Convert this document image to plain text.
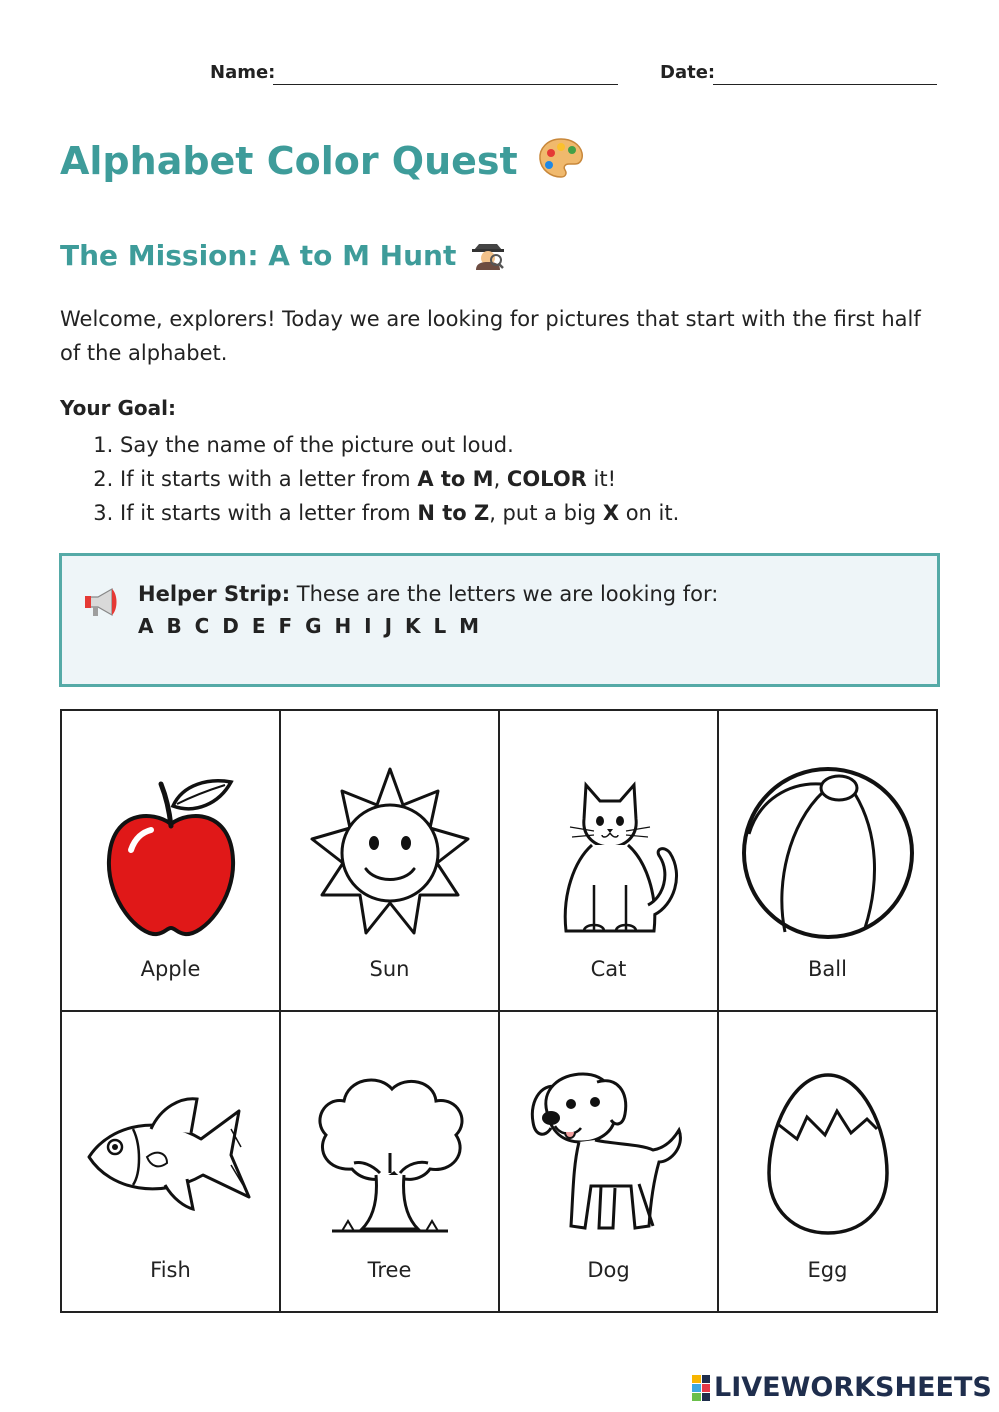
Name:	Date:
Alphabet Color Quest
The Mission: A to M Hunt
Welcome, explorers! Today we are looking for pictures that start with the first half of the alphabet.
Your Goal:
1. Say the name of the picture out loud.
2. If it starts with a letter from A to M, COLOR it!
3. If it starts with a letter from N to Z, put a big X on it.
Helper Strip: These are the letters we are looking for:
A B C D E F G H I J K L M
Apple	Sun	Cat	Ball

Fish	Tree	Dog	Egg
LIVEWORKSHEETS
